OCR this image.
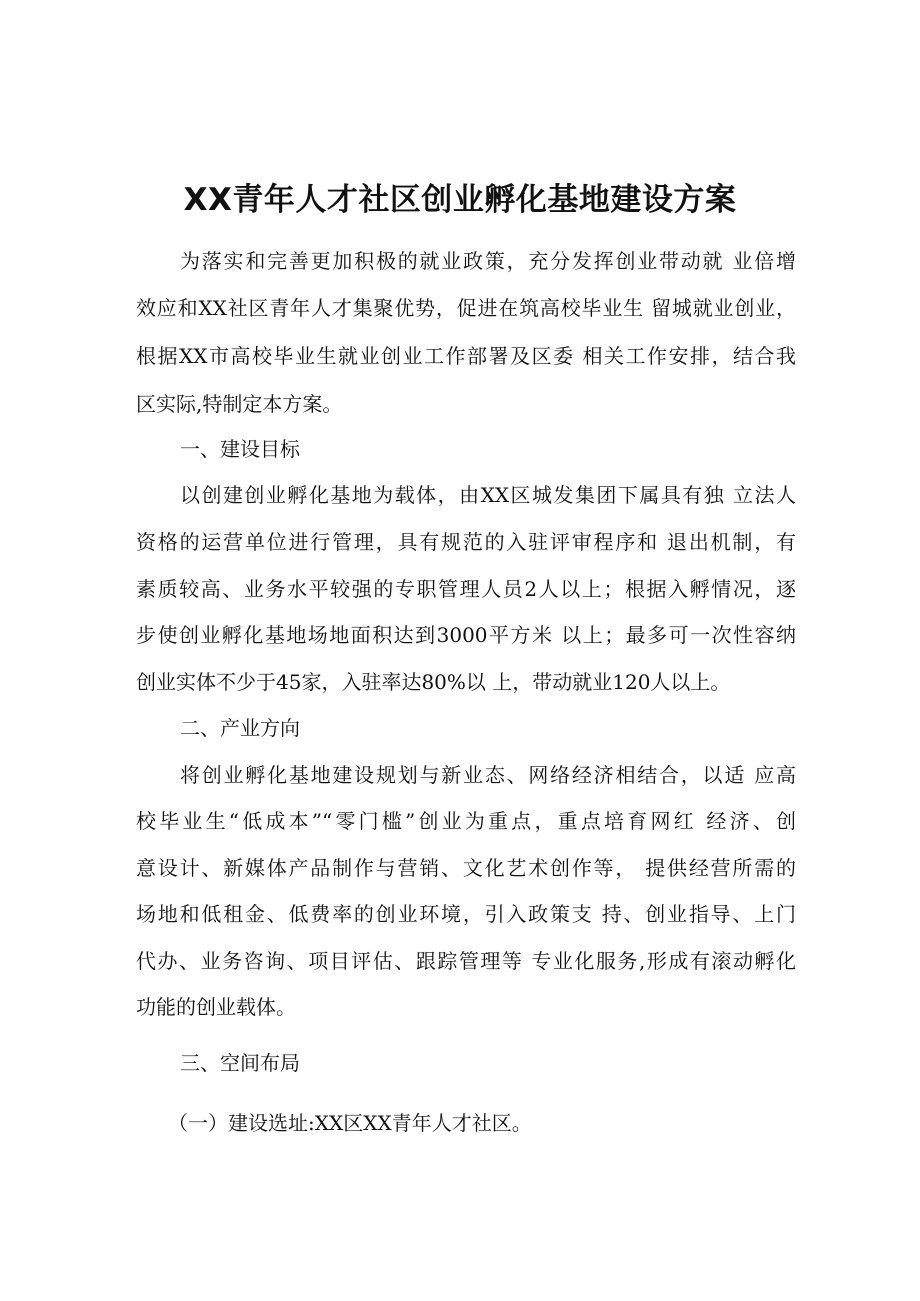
XX青年人才社区创业孵化基地建设方案

为落实和完善更加积极的就业政策，充分发挥创业带动就 业倍增

效应和XX社区青年人才集聚优势，促进在筑高校毕业生 留城就业创业，

根据XX市高校毕业生就业创业工作部署及区委 相关工作安排，结合我

区实际,特制定本方案。

一、建设目标

以创建创业孵化基地为载体，由XX区城发集团下属具有独 立法人

资格的运营单位进行管理，具有规范的入驻评审程序和 退出机制，有

素质较高、业务水平较强的专职管理人员2人以上；根据入孵情况，逐

步使创业孵化基地场地面积达到3000平方米 以上；最多可一次性容纳

创业实体不少于45家，入驻率达80%以 上，带动就业120人以上。

二、产业方向

将创业孵化基地建设规划与新业态、网络经济相结合，以适 应高

校毕业生“低成本”“零门槛”创业为重点，重点培育网红 经济、创

意设计、新媒体产品制作与营销、文化艺术创作等， 提供经营所需的

场地和低租金、低费率的创业环境，引入政策支 持、创业指导、上门

代办、业务咨询、项目评估、跟踪管理等 专业化服务,形成有滚动孵化

功能的创业载体。

三、空间布局

（一）建设选址:XX区XX青年人才社区。
